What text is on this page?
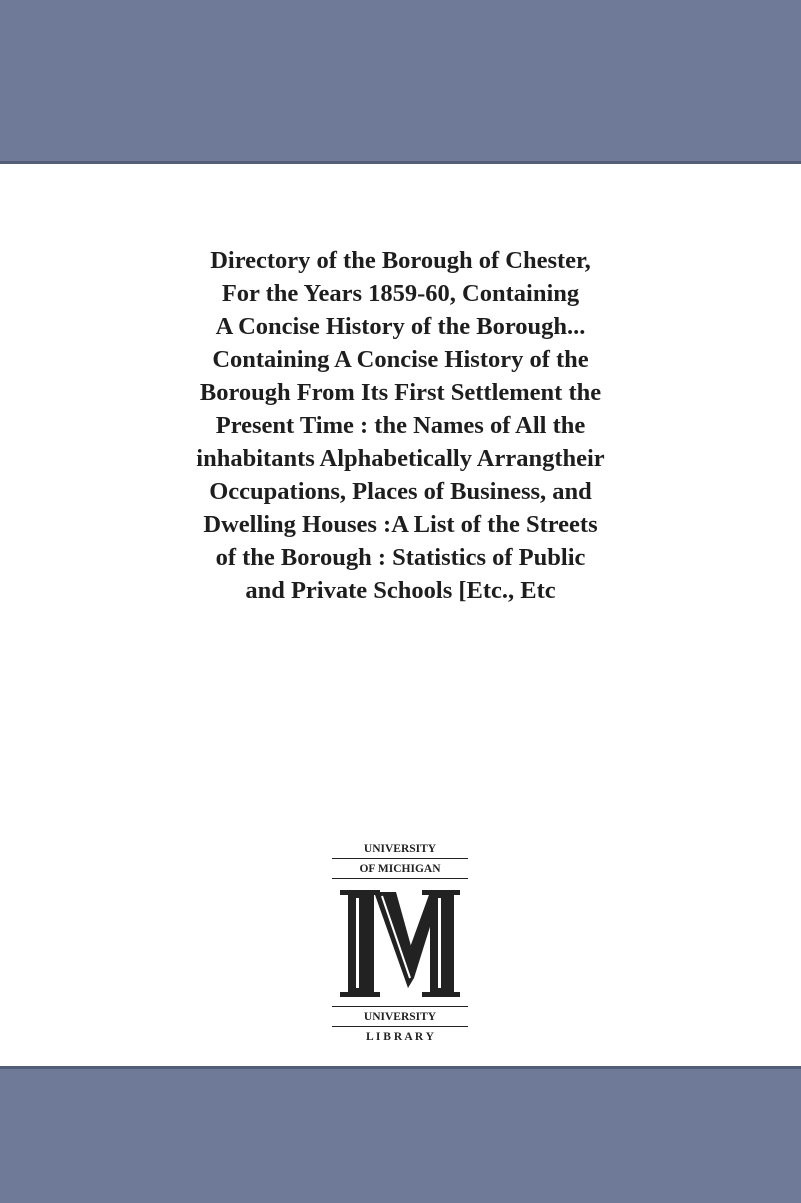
Directory of the Borough of Chester,
For the Years 1859-60, Containing
A Concise History of the Borough...
Containing A Concise History of the
Borough From Its First Settlement the
Present Time : the Names of All the
inhabitants Alphabetically Arrangtheir
Occupations, Places of Business, and
Dwelling Houses :A List of the Streets
of the Borough : Statistics of Public
and Private Schools [Etc., Etc
UNIVERSITY
OF MICHIGAN
UNIVERSITY
L I B R A R Y
